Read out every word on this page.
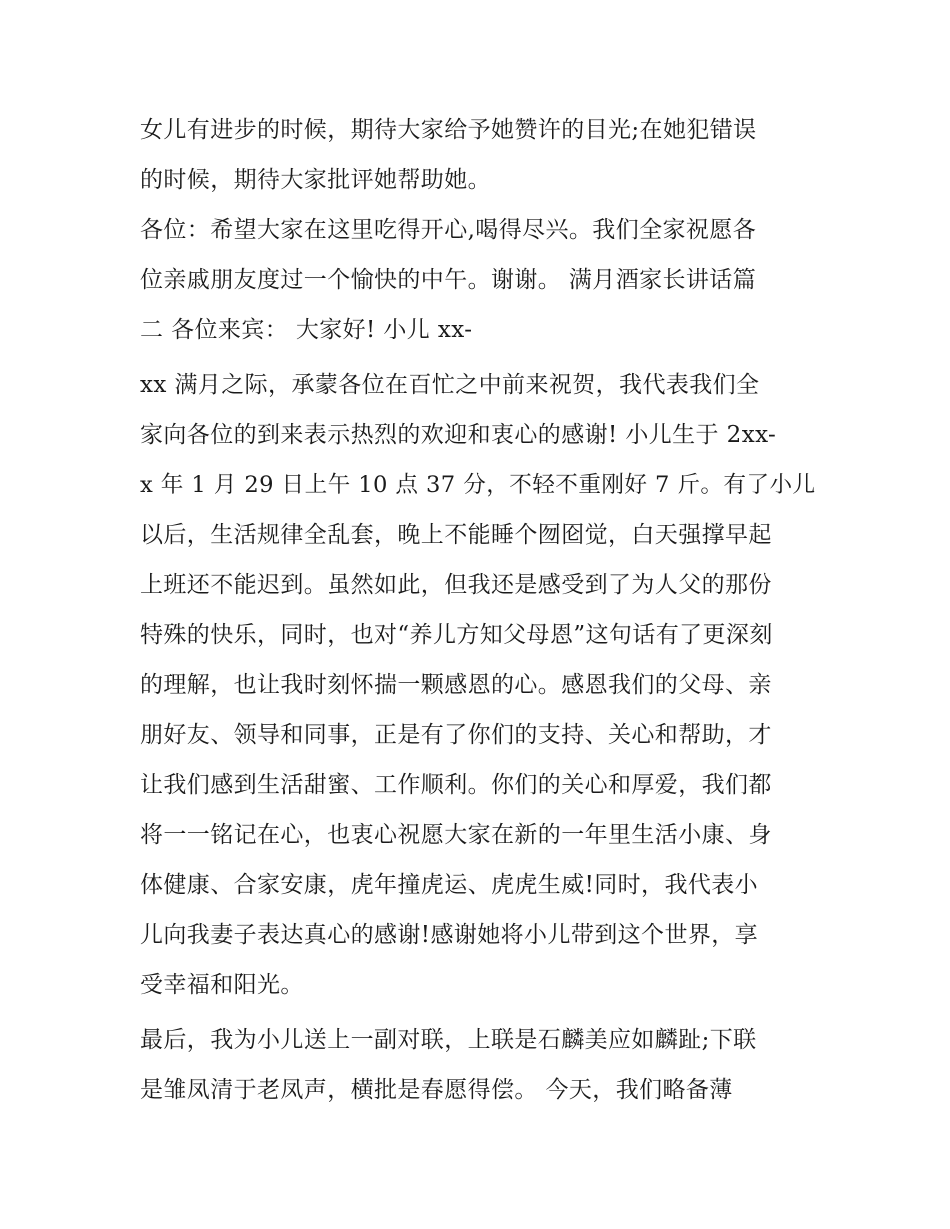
女儿有进步的时候，期待大家给予她赞许的目光;在她犯错误
的时候，期待大家批评她帮助她。
各位：希望大家在这里吃得开心,喝得尽兴。我们全家祝愿各
位亲戚朋友度过一个愉快的中午。谢谢。 满月酒家长讲话篇
二 各位来宾： 大家好! 小儿 xx-
xx 满月之际，承蒙各位在百忙之中前来祝贺，我代表我们全
家向各位的到来表示热烈的欢迎和衷心的感谢! 小儿生于 2xx-
x 年 1 月 29 日上午 10 点 37 分，不轻不重刚好 7 斤。有了小儿
以后，生活规律全乱套，晚上不能睡个囫囵觉，白天强撑早起
上班还不能迟到。虽然如此，但我还是感受到了为人父的那份
特殊的快乐，同时，也对“养儿方知父母恩”这句话有了更深刻
的理解，也让我时刻怀揣一颗感恩的心。感恩我们的父母、亲
朋好友、领导和同事，正是有了你们的支持、关心和帮助，才
让我们感到生活甜蜜、工作顺利。你们的关心和厚爱，我们都
将一一铭记在心，也衷心祝愿大家在新的一年里生活小康、身
体健康、合家安康，虎年撞虎运、虎虎生威!同时，我代表小
儿向我妻子表达真心的感谢!感谢她将小儿带到这个世界，享
受幸福和阳光。
最后，我为小儿送上一副对联，上联是石麟美应如麟趾;下联
是雏凤清于老凤声，横批是春愿得偿。 今天，我们略备薄
